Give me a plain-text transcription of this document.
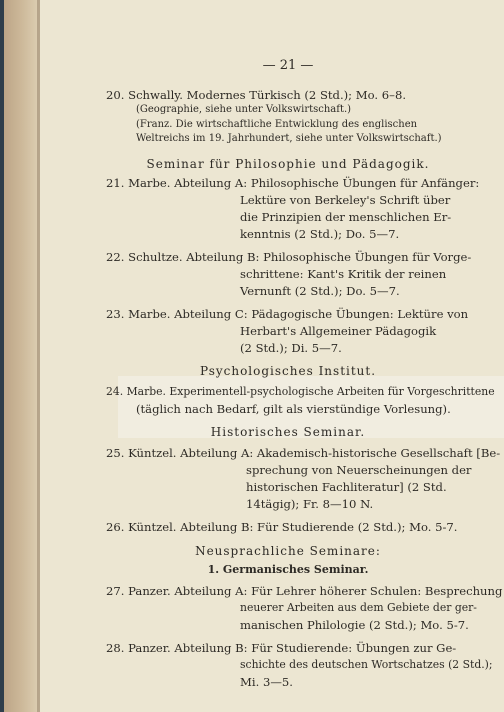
— 21 —
20. Schwally. Modernes Türkisch (2 Std.); Mo. 6–8.
(Geographie, siehe unter Volkswirtschaft.)
(Franz. Die wirtschaftliche Entwicklung des englischen
Weltreichs im 19. Jahrhundert, siehe unter Volkswirtschaft.)
Seminar für Philosophie und Pädagogik.
21. Marbe. Abteilung A: Philosophische Übungen für Anfänger:
Lektüre von Berkeley's Schrift über
die Prinzipien der menschlichen Er-
kenntnis (2 Std.); Do. 5—7.
22. Schultze. Abteilung B: Philosophische Übungen für Vorge-
schrittene: Kant's Kritik der reinen
Vernunft (2 Std.); Do. 5—7.
23. Marbe. Abteilung C: Pädagogische Übungen: Lektüre von
Herbart's Allgemeiner Pädagogik
(2 Std.); Di. 5—7.
Psychologisches Institut.
24. Marbe. Experimentell-psychologische Arbeiten für Vorgeschrittene
(täglich nach Bedarf, gilt als vierstündige Vorlesung).
Historisches Seminar.
25. Küntzel. Abteilung A: Akademisch-historische Gesellschaft [Be-
sprechung von Neuerscheinungen der
historischen Fachliteratur] (2 Std.
14tägig); Fr. 8—10 N.
26. Küntzel. Abteilung B: Für Studierende (2 Std.); Mo. 5-7.
Neusprachliche Seminare:
1. Germanisches Seminar.
27. Panzer. Abteilung A: Für Lehrer höherer Schulen: Besprechung
neuerer Arbeiten aus dem Gebiete der ger-
manischen Philologie (2 Std.); Mo. 5-7.
28. Panzer. Abteilung B: Für Studierende: Übungen zur Ge-
schichte des deutschen Wortschatzes (2 Std.);
Mi. 3—5.
